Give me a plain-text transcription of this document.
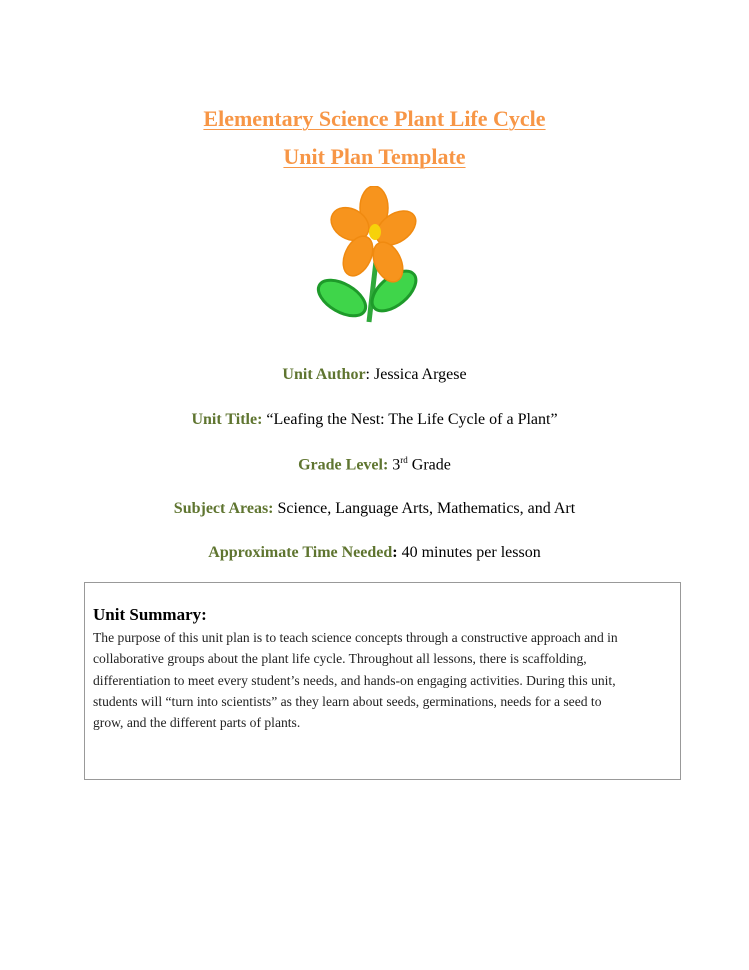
Elementary Science Plant Life Cycle
Unit Plan Template
Unit Author: Jessica Argese
Unit Title: “Leafing the Nest: The Life Cycle of a Plant”
Grade Level: 3rd Grade
Subject Areas: Science, Language Arts, Mathematics, and Art
Approximate Time Needed: 40 minutes per lesson
Unit Summary:
The purpose of this unit plan is to teach science concepts through a constructive approach and in
collaborative groups about the plant life cycle. Throughout all lessons, there is scaffolding,
differentiation to meet every student’s needs, and hands-on engaging activities. During this unit,
students will “turn into scientists” as they learn about seeds, germinations, needs for a seed to
grow, and the different parts of plants.
